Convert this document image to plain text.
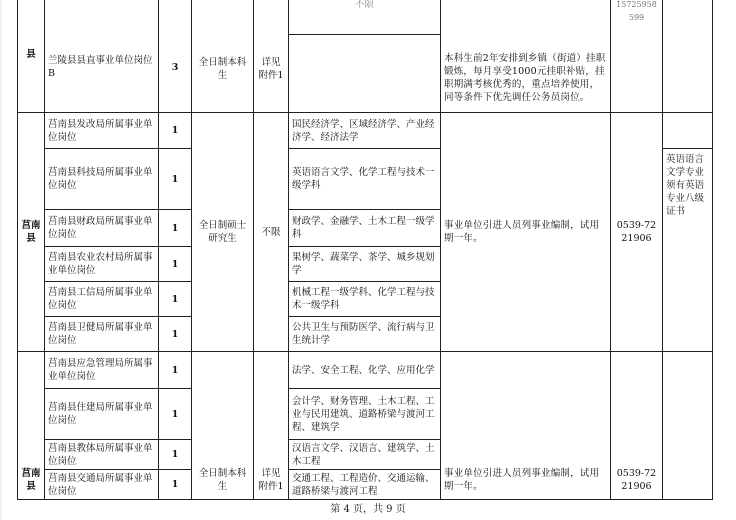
县	兰陵县县直事业单位岗位B	3	全日制本科生	详见附件1	不限	本科生前2年安排到乡镇（街道）挂职锻炼，每月享受1000元挂职补贴，挂职期满考核优秀的，重点培养使用，同等条件下优先调任公务员岗位。	15725958599	

莒南县	莒南县发改局所属事业单位岗位	1	全日制硕士研究生	不限	国民经济学、区域经济学、产业经济学、经济法学	事业单位引进人员列事业编制，试用期一年。	0539-7221906	
	莒南县科技局所属事业单位岗位	1			英语语言文学、化学工程与技术一级学科			英语语言文学专业须有英语专业八级证书
	莒南县财政局所属事业单位岗位	1			财政学、金融学、土木工程一级学科			
	莒南县农业农村局所属事业单位岗位	1			果树学、蔬菜学、茶学、城乡规划学			
	莒南县工信局所属事业单位岗位	1			机械工程一级学科、化学工程与技术一级学科			
	莒南县卫健局所属事业单位岗位	1			公共卫生与预防医学、流行病与卫生统计学			
莒南县	莒南县应急管理局所属事业单位岗位	1	全日制本科生	详见附件1	法学、安全工程、化学、应用化学	事业单位引进人员列事业编制，试用期一年。	0539-7221906	
	莒南县住建局所属事业单位岗位	1			会计学、财务管理、土木工程、工业与民用建筑、道路桥梁与渡河工程、建筑学			
	莒南县教体局所属事业单位岗位	1			汉语言文学、汉语言、建筑学、土木工程			
	莒南县交通局所属事业单位岗位	1			交通工程、工程造价、交通运输、道路桥梁与渡河工程			
第 4 页，共 9 页
